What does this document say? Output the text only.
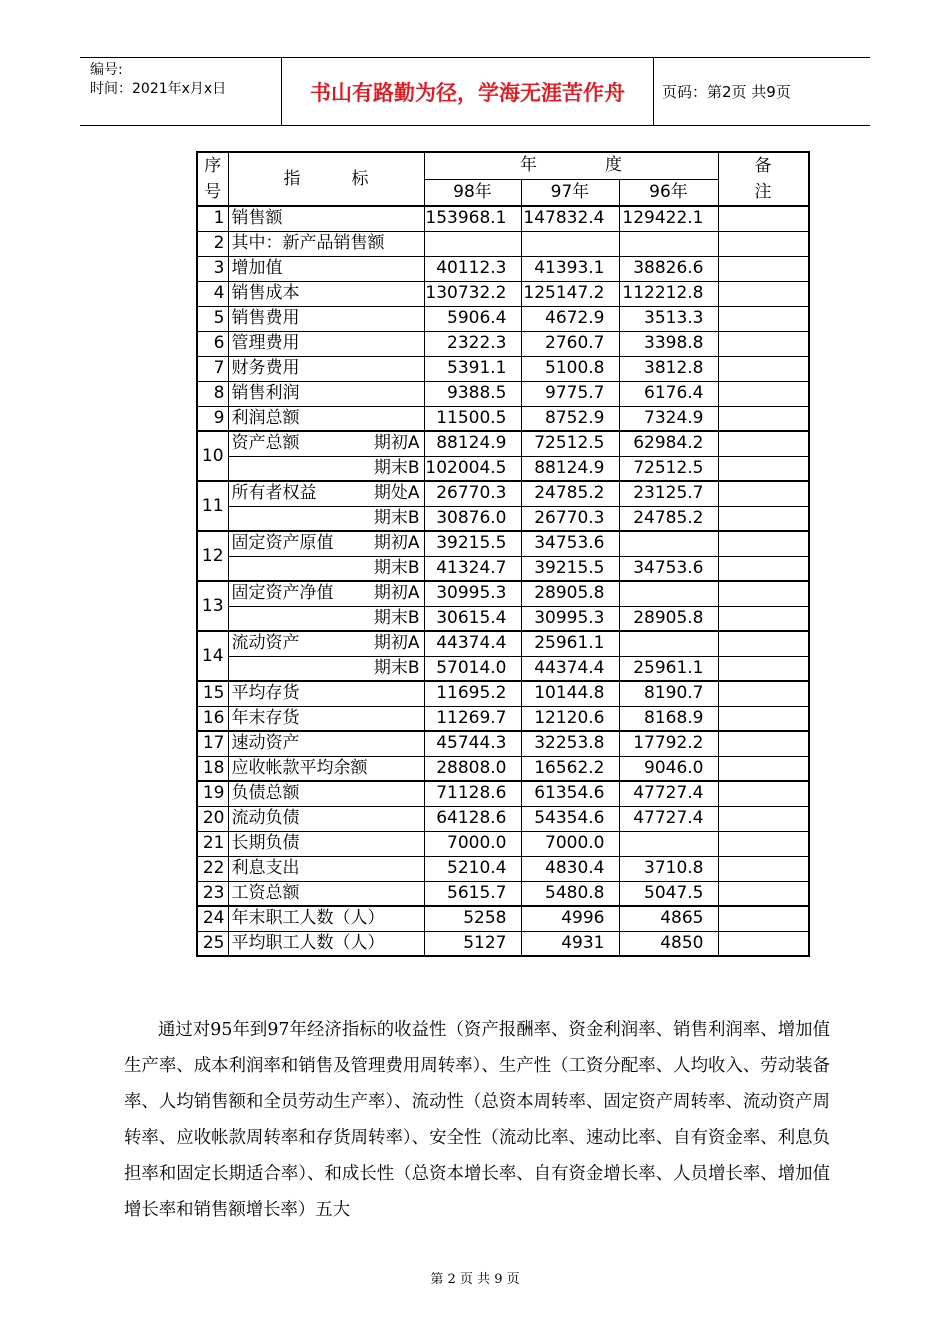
编号:
时间：2021年x月x日	书山有路勤为径，学海无涯苦作舟	页码：第2页 共9页
序号	指　　　标	年　　　　度			备注
		98年	97年	96年	
1	销售额	153968.1	147832.4	129422.1	
2	其中：新产品销售额				
3	增加值	40112.3	41393.1	38826.6	
4	销售成本	130732.2	125147.2	112212.8	
5	销售费用	5906.4	4672.9	3513.3	
6	管理费用	2322.3	2760.7	3398.8	
7	财务费用	5391.1	5100.8	3812.8	
8	销售利润	9388.5	9775.7	6176.4	
9	利润总额	11500.5	8752.9	7324.9	
10	资产总额 期初A	88124.9	72512.5	62984.2	

	期末B	102004.5	88124.9	72512.5	
11	所有者权益 期处A	26770.3	24785.2	23125.7	

	期末B	30876.0	26770.3	24785.2	
12	固定资产原值 期初A	39215.5	34753.6		

	期末B	41324.7	39215.5	34753.6	
13	固定资产净值 期初A	30995.3	28905.8		

	期末B	30615.4	30995.3	28905.8	
14	流动资产 期初A	44374.4	25961.1		

	期末B	57014.0	44374.4	25961.1	
15	平均存货	11695.2	10144.8	8190.7	
16	年末存货	11269.7	12120.6	8168.9	
17	速动资产	45744.3	32253.8	17792.2	
18	应收帐款平均余额	28808.0	16562.2	9046.0	
19	负债总额	71128.6	61354.6	47727.4	
20	流动负债	64128.6	54354.6	47727.4	
21	长期负债	7000.0	7000.0		
22	利息支出	5210.4	4830.4	3710.8	
23	工资总额	5615.7	5480.8	5047.5	
24	年末职工人数（人）	5258	4996	4865	
25	平均职工人数（人）	5127	4931	4850	
通过对95年到97年经济指标的收益性（资产报酬率、资金利润率、销售利润率、增加值生产率、成本利润率和销售及管理费用周转率）、生产性（工资分配率、人均收入、劳动装备率、人均销售额和全员劳动生产率）、流动性（总资本周转率、固定资产周转率、流动资产周转率、应收帐款周转率和存货周转率）、安全性（流动比率、速动比率、自有资金率、利息负担率和固定长期适合率）、和成长性（总资本增长率、自有资金增长率、人员增长率、增加值增长率和销售额增长率）五大
第 2 页 共 9 页
